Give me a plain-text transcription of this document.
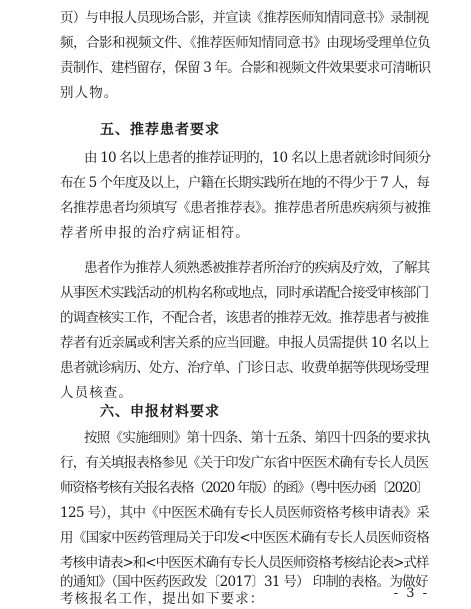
页）与申报人员现场合影，并宣读《推荐医师知情同意书》录制视
频，合影和视频文件、《推荐医师知情同意书》由现场受理单位负
责制作、建档留存，保留 3 年。合影和视频文件效果要求可清晰识
别人物。
五、推荐患者要求
由 10 名以上患者的推荐证明的，10 名以上患者就诊时间须分
布在 5 个年度及以上，户籍在长期实践所在地的不得少于 7 人，每
名推荐患者均须填写《患者推荐表》。推荐患者所患疾病须与被推
荐者所申报的治疗病证相符。
患者作为推荐人须熟悉被推荐者所治疗的疾病及疗效，了解其
从事医术实践活动的机构名称或地点，同时承诺配合接受审核部门
的调查核实工作，不配合者，该患者的推荐无效。推荐患者与被推
荐者有近亲属或利害关系的应当回避。申报人员需提供 10 名以上
患者就诊病历、处方、治疗单、门诊日志、收费单据等供现场受理
人员核查。
六、申报材料要求
按照《实施细则》第十四条、第十五条、第四十四条的要求执
行，有关填报表格参见《关于印发广东省中医医术确有专长人员医
师资格考核有关报名表格（2020 年版）的函》（粤中医办函〔2020〕
125 号），其中《中医医术确有专长人员医师资格考核申请表》采
用《国家中医药管理局关于印发<中医医术确有专长人员医师资格
考核申请表>和<中医医术确有专长人员医师资格考核结论表>式样
的通知》（国中医药医政发〔2017〕31 号） 印制的表格。为做好
考核报名工作，提出如下要求：	- 3 -
